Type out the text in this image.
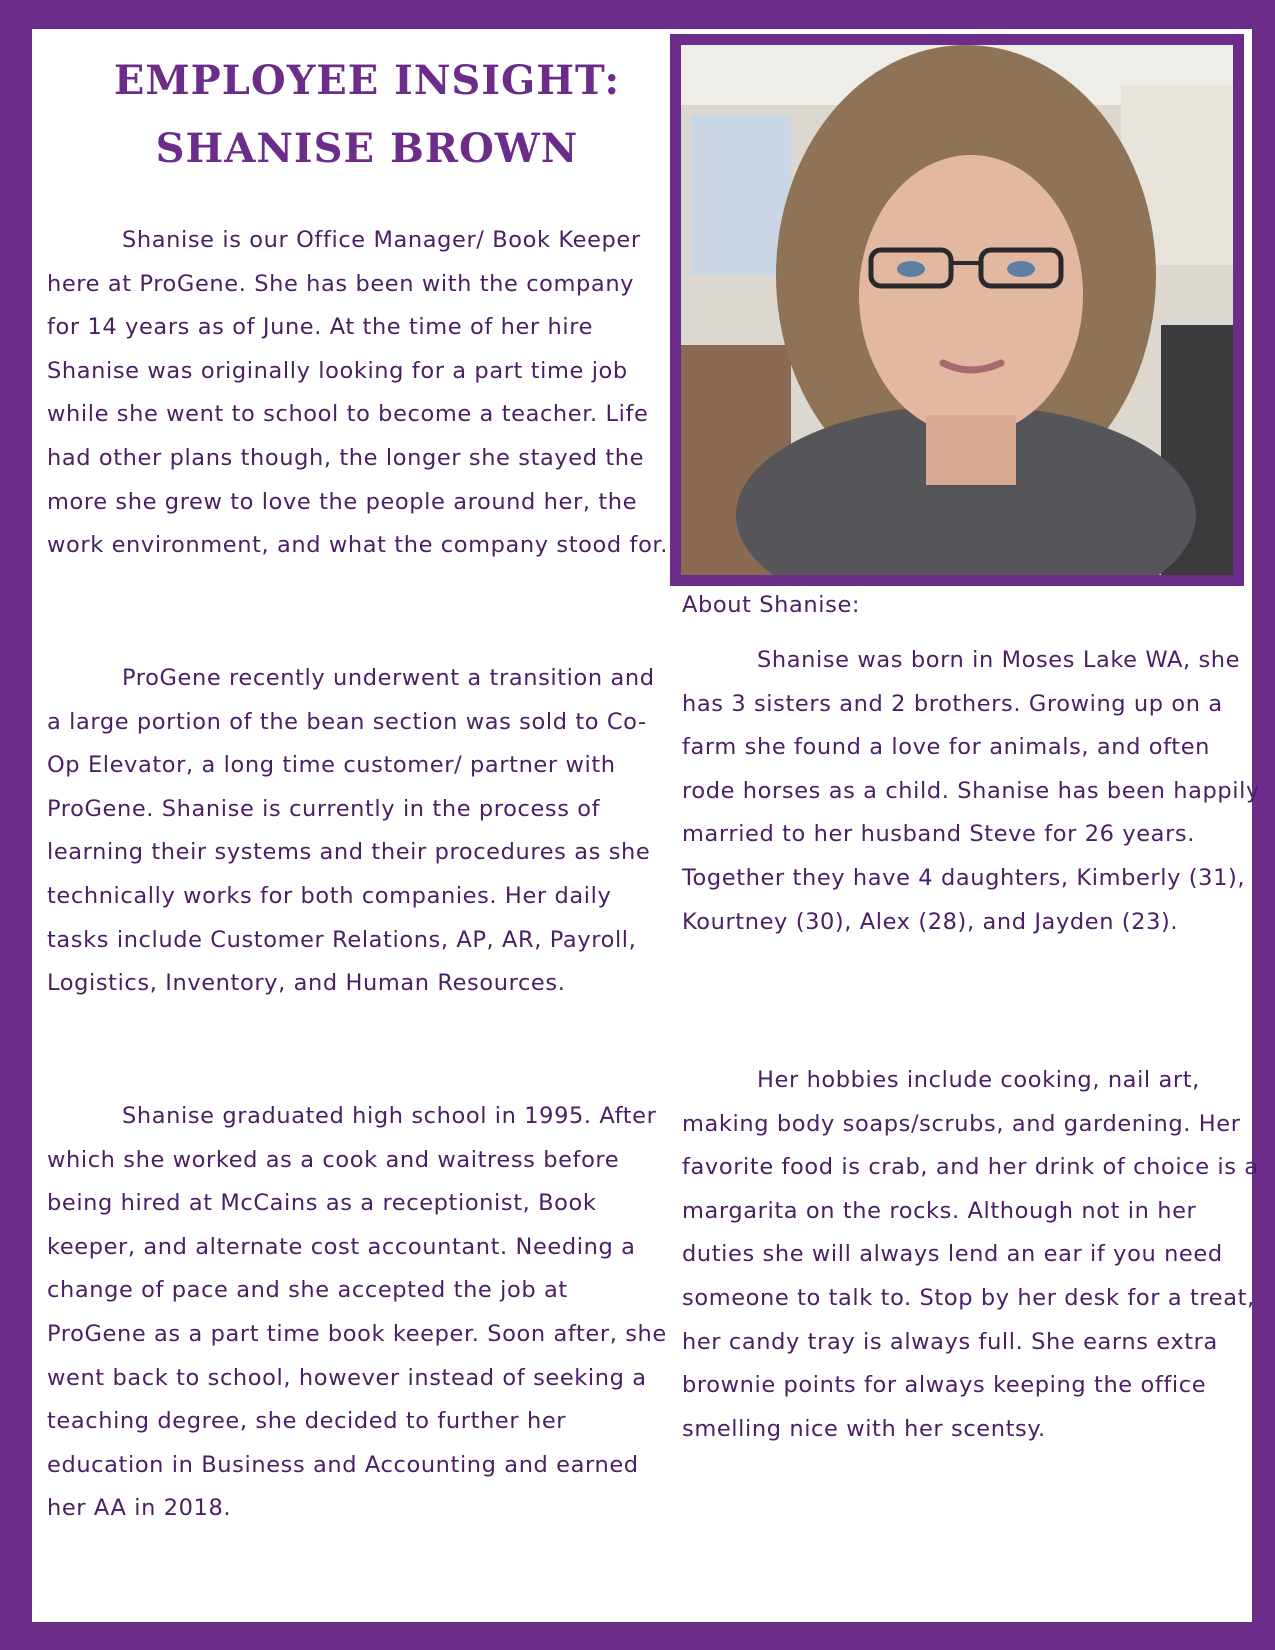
EMPLOYEE INSIGHT:
SHANISE BROWN

Shanise is our Office Manager/ Book Keeper here at ProGene. She has been with the company for 14 years as of June. At the time of her hire Shanise was originally looking for a part time job while she went to school to become a teacher. Life had other plans though, the longer she stayed the more she grew to love the people around her, the work environment, and what the company stood for.

ProGene recently underwent a transition and a large portion of the bean section was sold to Co-Op Elevator, a long time customer/ partner with ProGene. Shanise is currently in the process of learning their systems and their procedures as she technically works for both companies. Her daily tasks include Customer Relations, AP, AR, Payroll, Logistics, Inventory, and Human Resources.

Shanise graduated high school in 1995. After which she worked as a cook and waitress before being hired at McCains as a receptionist, Book keeper, and alternate cost accountant. Needing a change of pace and she accepted the job at ProGene as a part time book keeper. Soon after, she went back to school, however instead of seeking a teaching degree, she decided to further her education in Business and Accounting and earned her AA in 2018.

About Shanise:

Shanise was born in Moses Lake WA, she has 3 sisters and 2 brothers. Growing up on a farm she found a love for animals, and often rode horses as a child. Shanise has been happily married to her husband Steve for 26 years. Together they have 4 daughters, Kimberly (31), Kourtney (30), Alex (28), and Jayden (23).

Her hobbies include cooking, nail art, making body soaps/scrubs, and gardening. Her favorite food is crab, and her drink of choice is a margarita on the rocks. Although not in her duties she will always lend an ear if you need someone to talk to. Stop by her desk for a treat, her candy tray is always full. She earns extra brownie points for always keeping the office smelling nice with her scentsy.
